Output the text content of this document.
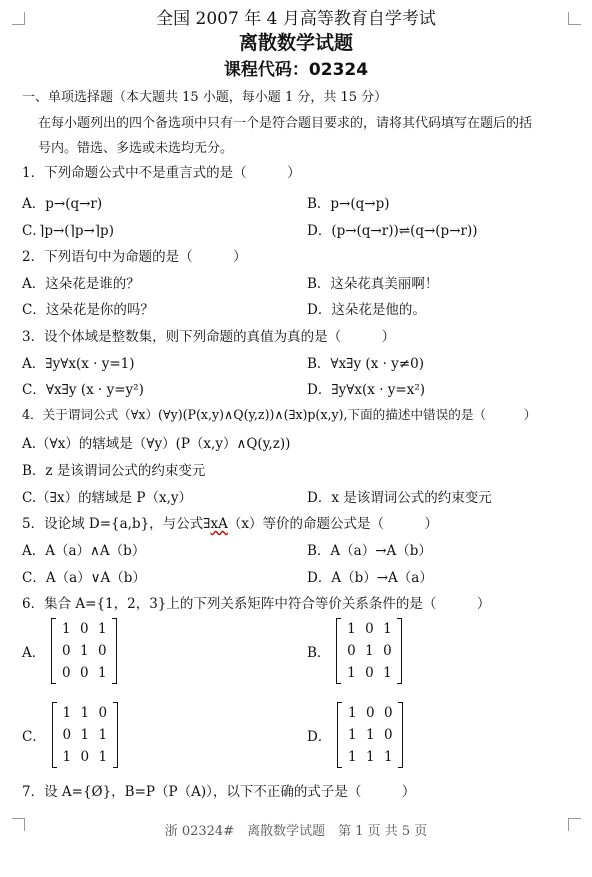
全国 2007 年 4 月高等教育自学考试
离散数学试题
课程代码：02324
一、单项选择题（本大题共 15 小题，每小题 1 分，共 15 分）
在每小题列出的四个备选项中只有一个是符合题目要求的，请将其代码填写在题后的括
号内。错选、多选或未选均无分。
1．下列命题公式中不是重言式的是（　　　）
A．p→(q→r)	B．p→(q→p)
C．⌉p→(⌉p→⌉p)	D．(p→(q→r))⇌(q→(p→r))
2．下列语句中为命题的是（　　　）
A．这朵花是谁的？	B．这朵花真美丽啊！
C．这朵花是你的吗？	D．这朵花是他的。
3．设个体域是整数集，则下列命题的真值为真的是（　　　）
A．∃y∀x(x · y=1)	B．∀x∃y (x · y≠0)
C．∀x∃y (x · y=y²)	D．∃y∀x(x · y=x²)
4．关于谓词公式（∀x）(∀y)(P(x,y)∧Q(y,z))∧(∃x)p(x,y),下面的描述中错误的是（　　　）
A.（∀x）的辖域是（∀y）(P（x,y）∧Q(y,z))
B．z 是该谓词公式的约束变元
C.（∃x）的辖域是 P（x,y）	D．x 是该谓词公式的约束变元
5．设论域 D={a,b}，与公式∃xA（x）等价的命题公式是（　　　）
A．A（a）∧A（b）	B．A（a）→A（b）
C．A（a）∨A（b）	D．A（b）→A（a）
6．集合 A={1，2，3}上的下列关系矩阵中符合等价关系条件的是（　　　）
A．
1 0 1
0 1 0
0 0 1
B．
1 0 1
0 1 0
1 0 1
C．
1 1 0
0 1 1
1 0 1
D．
1 0 0
1 1 0
1 1 1
7．设 A={Ø}，B=P（P（A)），以下不正确的式子是（　　　）
浙 02324#　离散数学试题　第 1 页 共 5 页
